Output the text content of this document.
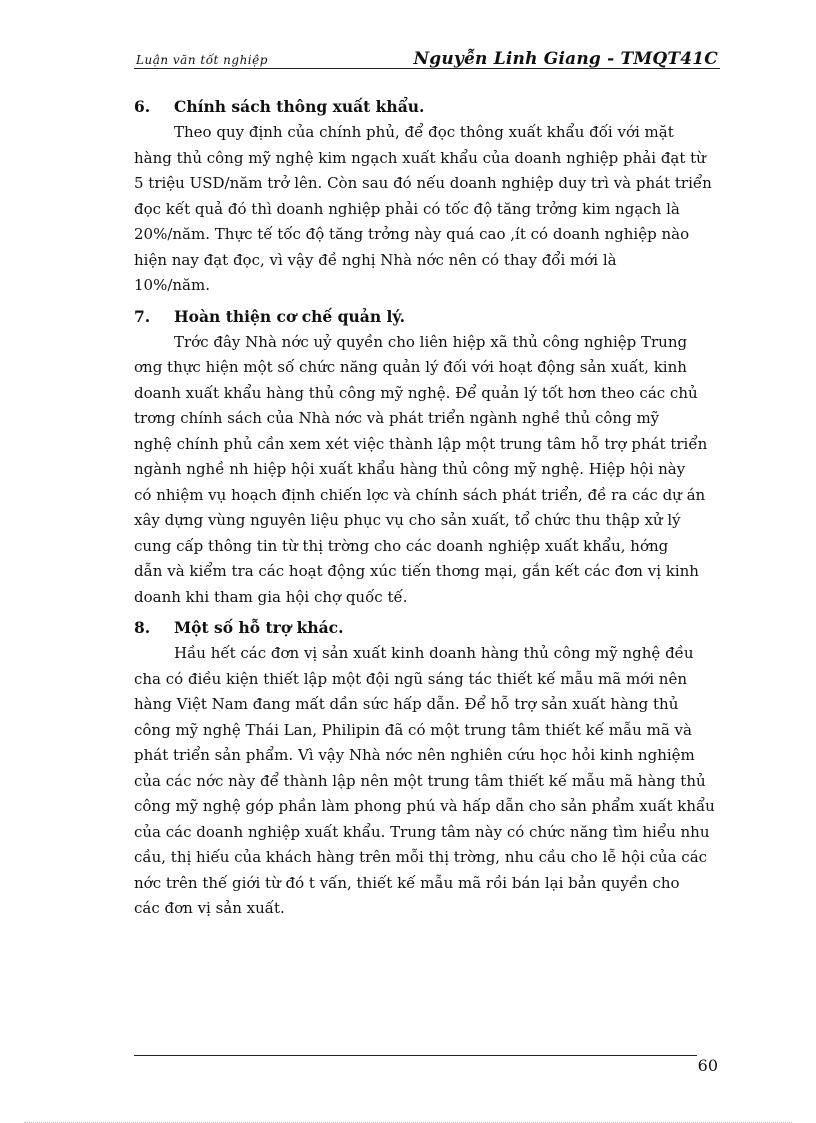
Luận văn tốt nghiệp	Nguyễn Linh Giang - TMQT41C
6. Chính sách thông xuất khẩu.

Theo quy định của chính phủ, để đọc thông xuất khẩu đối với mặt

hàng thủ công mỹ nghệ kim ngạch xuất khẩu của doanh nghiệp phải đạt từ

5 triệu USD/năm trở lên. Còn sau đó nếu doanh nghiệp duy trì và phát triển

đọc kết quả đó thì doanh nghiệp phải có tốc độ tăng trởng kim ngạch là

20%/năm. Thực tế tốc độ tăng trởng này quá cao ,ít có doanh nghiệp nào

hiện nay đạt đọc, vì vậy đề nghị Nhà nớc nên có thay đổi mới là

10%/năm.

7. Hoàn thiện cơ chế quản lý.

Trớc đây Nhà nớc uỷ quyền cho liên hiệp xã thủ công nghiệp Trung

ơng thực hiện một số chức năng quản lý đối với hoạt động sản xuất, kinh

doanh xuất khẩu hàng thủ công mỹ nghệ. Để quản lý tốt hơn theo các chủ

trơng chính sách của Nhà nớc và phát triển ngành nghề thủ công mỹ

nghệ chính phủ cần xem xét việc thành lập một trung tâm hỗ trợ phát triển

ngành nghề nh hiệp hội xuất khẩu hàng thủ công mỹ nghệ. Hiệp hội này

có nhiệm vụ hoạch định chiến lợc và chính sách phát triển, đề ra các dự án

xây dựng vùng nguyên liệu phục vụ cho sản xuất, tổ chức thu thập xử lý

cung cấp thông tin từ thị trờng cho các doanh nghiệp xuất khẩu, hớng

dẫn và kiểm tra các hoạt động xúc tiến thơng mại, gắn kết các đơn vị kinh

doanh khi tham gia hội chợ quốc tế.

8. Một số hỗ trợ khác.

Hầu hết các đơn vị sản xuất kinh doanh hàng thủ công mỹ nghệ đều

cha có điều kiện thiết lập một đội ngũ sáng tác thiết kế mẫu mã mới nên

hàng Việt Nam đang mất dần sức hấp dẫn. Để hỗ trợ sản xuất hàng thủ

công mỹ nghệ Thái Lan, Philipin đã có một trung tâm thiết kế mẫu mã và

phát triển sản phẩm. Vì vậy Nhà nớc nên nghiên cứu học hỏi kinh nghiệm

của các nớc này để thành lập nên một trung tâm thiết kế mẫu mã hàng thủ

công mỹ nghệ góp phần làm phong phú và hấp dẫn cho sản phẩm xuất khẩu

của các doanh nghiệp xuất khẩu. Trung tâm này có chức năng tìm hiểu nhu

cầu, thị hiếu của khách hàng trên mỗi thị trờng, nhu cầu cho lễ hội của các

nớc trên thế giới từ đó t vấn, thiết kế mẫu mã rồi bán lại bản quyền cho

các đơn vị sản xuất.

60
